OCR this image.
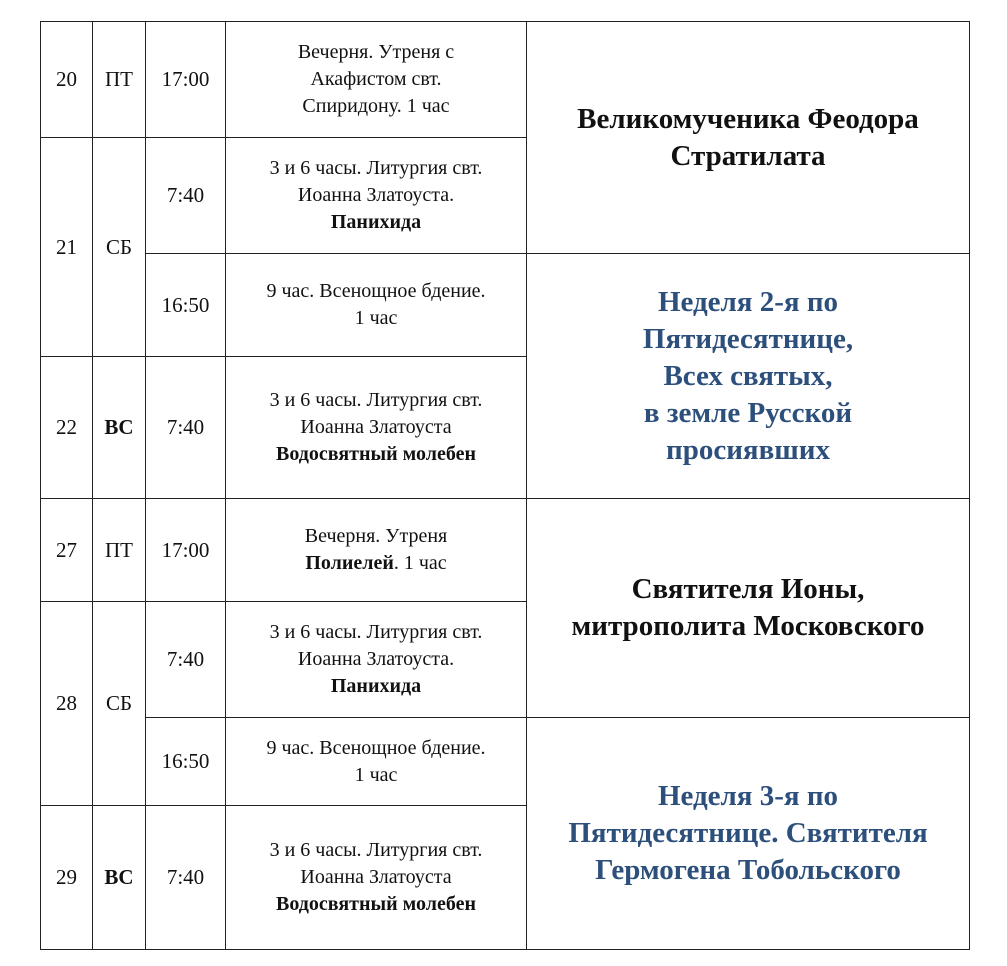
20	ПТ	17:00	Вечерня. Утреня с
Акафистом свт.
Спиридону. 1 час	Великомученика Феодора
Стратилата

21	СБ	7:40	3 и 6 часы. Литургия свт.
Иоанна Златоуста.
Панихида	

		16:50	9 час. Всенощное бдение.
1 час	Неделя 2-я по
Пятидесятнице,
Всех святых,
в земле Русской
просиявших

22	ВС	7:40	3 и 6 часы. Литургия свт.
Иоанна Златоуста
Водосвятный молебен	

27	ПТ	17:00	Вечерня. Утреня
Полиелей. 1 час	Святителя Ионы,
митрополита Московского

28	СБ	7:40	3 и 6 часы. Литургия свт.
Иоанна Златоуста.
Панихида	

		16:50	9 час. Всенощное бдение.
1 час	Неделя 3-я по
Пятидесятнице. Святителя
Гермогена Тобольского

29	ВС	7:40	3 и 6 часы. Литургия свт.
Иоанна Златоуста
Водосвятный молебен	
